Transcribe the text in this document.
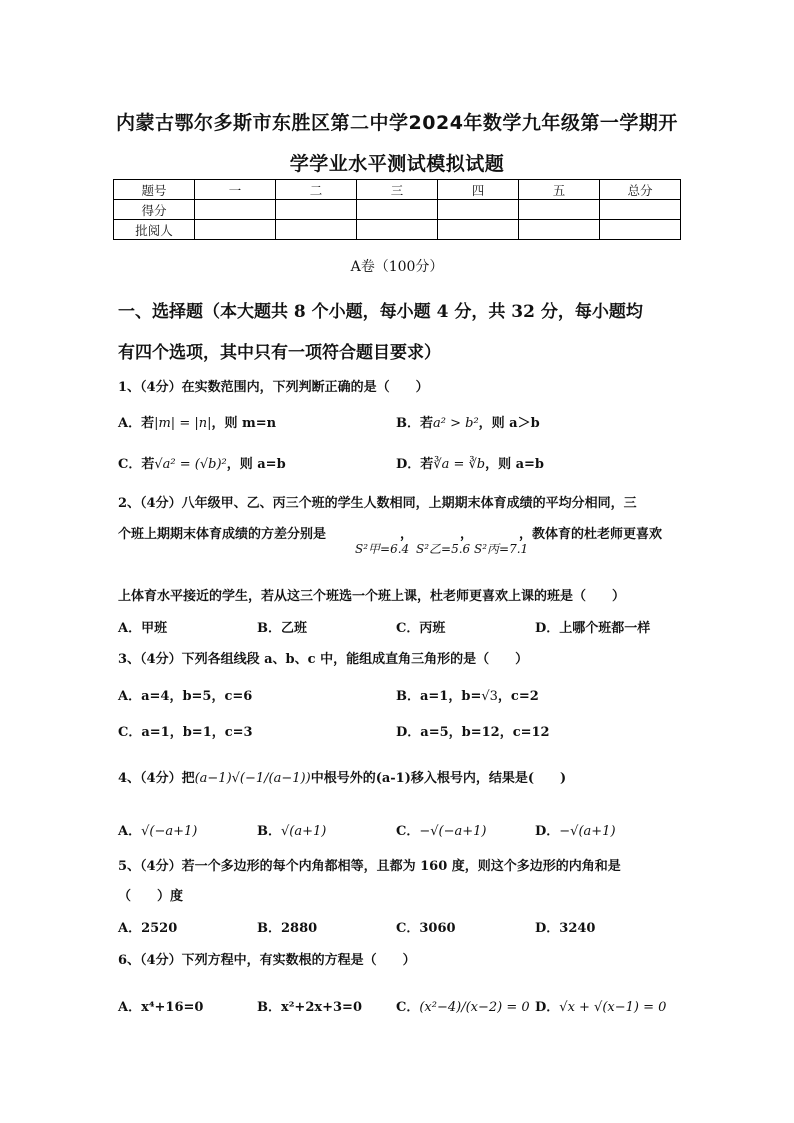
内蒙古鄂尔多斯市东胜区第二中学2024年数学九年级第一学期开
学学业水平测试模拟试题
题号	一	二	三	四	五	总分
得分						
批阅人						
A卷（100分）
一、选择题（本大题共 8 个小题，每小题 4 分，共 32 分，每小题均
有四个选项，其中只有一项符合题目要求）
1、（4分）在实数范围内，下列判断正确的是（　　）
A．若|m| = |n|，则 m=n	B．若a² > b²，则 a＞b
C．若√a² = (√b)²，则 a=b	D．若∛a = ∛b，则 a=b
2、（4分）八年级甲、乙、丙三个班的学生人数相同，上期期末体育成绩的平均分相同，三
个班上期期末体育成绩的方差分别是	，	，	，教体育的杜老师更喜欢
S²甲=6.4 S²乙=5.6 S²丙=7.1
上体育水平接近的学生，若从这三个班选一个班上课，杜老师更喜欢上课的班是（　　）
A．甲班	B．乙班	C．丙班	D．上哪个班都一样
3、（4分）下列各组线段 a、b、c 中，能组成直角三角形的是（　　）
A．a=4，b=5，c=6	B．a=1，b=√3，c=2
C．a=1，b=1，c=3	D．a=5，b=12，c=12
4、（4分）把(a−1)√(−1/(a−1))中根号外的(a-1)移入根号内，结果是(　　)
A．√(−a+1)	B．√(a+1)	C．−√(−a+1)	D．−√(a+1)
5、（4分）若一个多边形的每个内角都相等，且都为 160 度，则这个多边形的内角和是
（　　）度
A．2520	B．2880	C．3060	D．3240
6、（4分）下列方程中，有实数根的方程是（　　）
A．x⁴+16=0	B．x²+2x+3=0	C．(x²−4)/(x−2) = 0 D．√x + √(x−1) = 0
